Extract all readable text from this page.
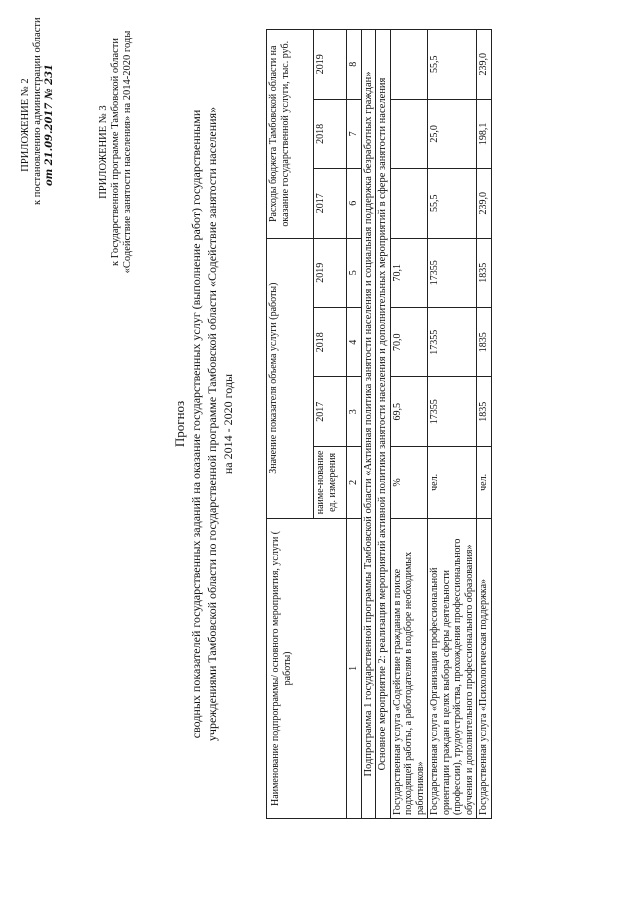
ПРИЛОЖЕНИЕ № 2 к постановлению администрации области от 21.09.2017 № 231	ПРИЛОЖЕНИЕ № 3 к Государственной программе Тамбовской области «Содействие занятости населения» на 2014-2020 годы
Прогноз сводных показателей государственных заданий на оказание государственных услуг (выполнение работ) государственными учреждениями Тамбовской области по государственной программе Тамбовской области «Содействие занятости населения» на 2014 - 2020 годы
Наименование подпрограммы/ основного мероприятия, услуги ( работы)	Значение показателя объема услуги (работы)				Расходы бюджета Тамбовской области на оказание государственной услуги, тыс. руб.		
	наиме-нование ед. измерения	2017	2018	2019	2017	2018	2019
1	2	3	4	5	6	7	8
Подпрограмма 1 государственной программы Тамбовской области «Активная политика занятости населения и социальная поддержка безработных граждан»							
Основное мероприятие 2: реализация мероприятий активной политики занятости населения и дополнительных мероприятий в сфере занятости населения							
Государственная услуга «Содействие гражданам в поиске подходящей работы, а работодателям в подборе необходимых работников»	%	69,5	70,0	70,1			
Государственная услуга «Организация профессиональной ориентации граждан в целях выбора сферы деятельности (профессии), трудоустройства, прохождения профессионального обучения и дополнительного профессионального образования»	чел.	17355	17355	17355	55,5	25,0	55,5
Государственная услуга «Психологическая поддержка»	чел.	1835	1835	1835	239,0	198,1	239,0
